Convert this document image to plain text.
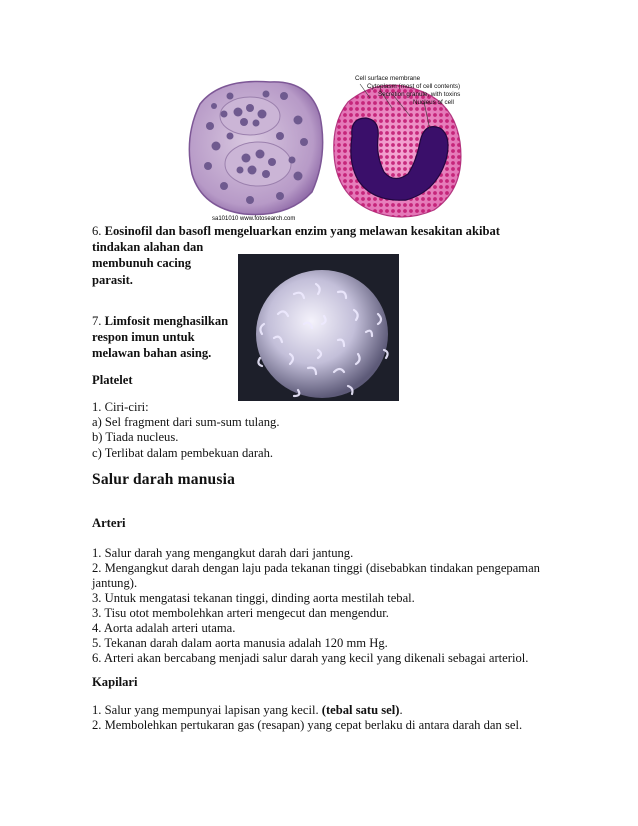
sa101010 www.fotosearch.com
Cell surface membrane
Cytoplasm (most of cell contents)
Secretion granule, with toxins
Nucleus of cell
6. Eosinofil dan basofl mengeluarkan enzim yang melawan kesakitan akibat
tindakan alahan dan
membunuh cacing
parasit.
7. Limfosit menghasilkan
respon imun untuk
melawan bahan asing.
Platelet
1. Ciri-ciri:
a) Sel fragment dari sum-sum tulang.
b) Tiada nucleus.
c) Terlibat dalam pembekuan darah.
Salur darah manusia
Arteri
1. Salur darah yang mengangkut darah dari jantung.
2. Mengangkut darah dengan laju pada tekanan tinggi (disebabkan tindakan pengepaman
jantung).
3. Untuk mengatasi tekanan tinggi, dinding aorta mestilah tebal.
3. Tisu otot membolehkan arteri mengecut dan mengendur.
4. Aorta adalah arteri utama.
5. Tekanan darah dalam aorta manusia adalah 120 mm Hg.
6. Arteri akan bercabang menjadi salur darah yang kecil yang dikenali sebagai arteriol.
Kapilari
1. Salur yang mempunyai lapisan yang kecil. (tebal satu sel).
2. Membolehkan pertukaran gas (resapan) yang cepat berlaku di antara darah dan sel.
